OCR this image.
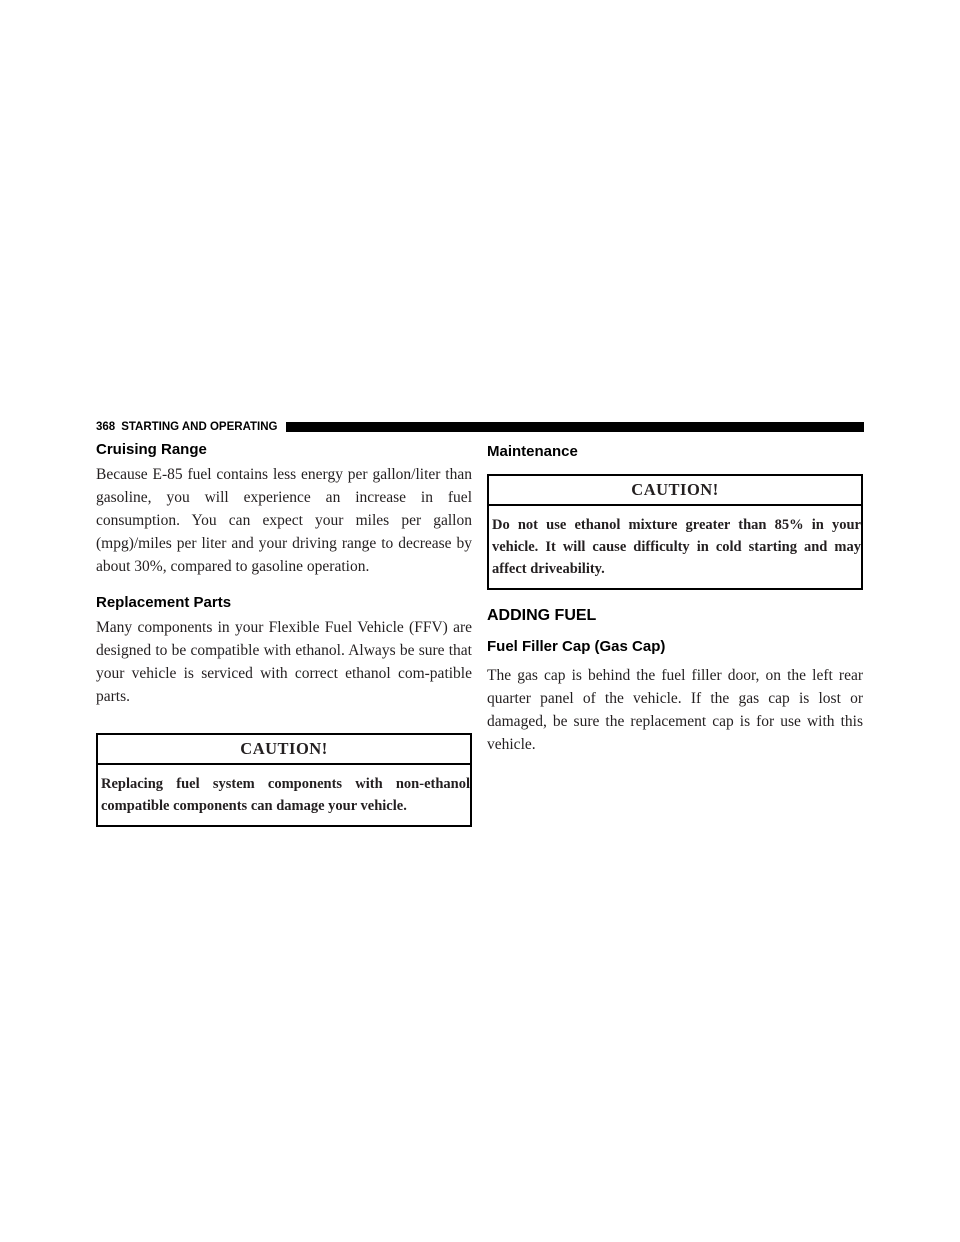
368 STARTING AND OPERATING
Cruising Range

Because E-85 fuel contains less energy per gallon/liter than gasoline, you will experience an increase in fuel consumption. You can expect your miles per gallon (mpg)/miles per liter and your driving range to decrease by about 30%, compared to gasoline operation.

Replacement Parts

Many components in your Flexible Fuel Vehicle (FFV) are designed to be compatible with ethanol. Always be sure that your vehicle is serviced with correct ethanol com-patible parts.

CAUTION!
Replacing fuel system components with non-ethanol compatible components can damage your vehicle.
Maintenance
CAUTION!
Do not use ethanol mixture greater than 85% in your vehicle. It will cause difficulty in cold starting and may affect driveability.
ADDING FUEL
Fuel Filler Cap (Gas Cap)

The gas cap is behind the fuel filler door, on the left rear quarter panel of the vehicle. If the gas cap is lost or damaged, be sure the replacement cap is for use with this vehicle.
